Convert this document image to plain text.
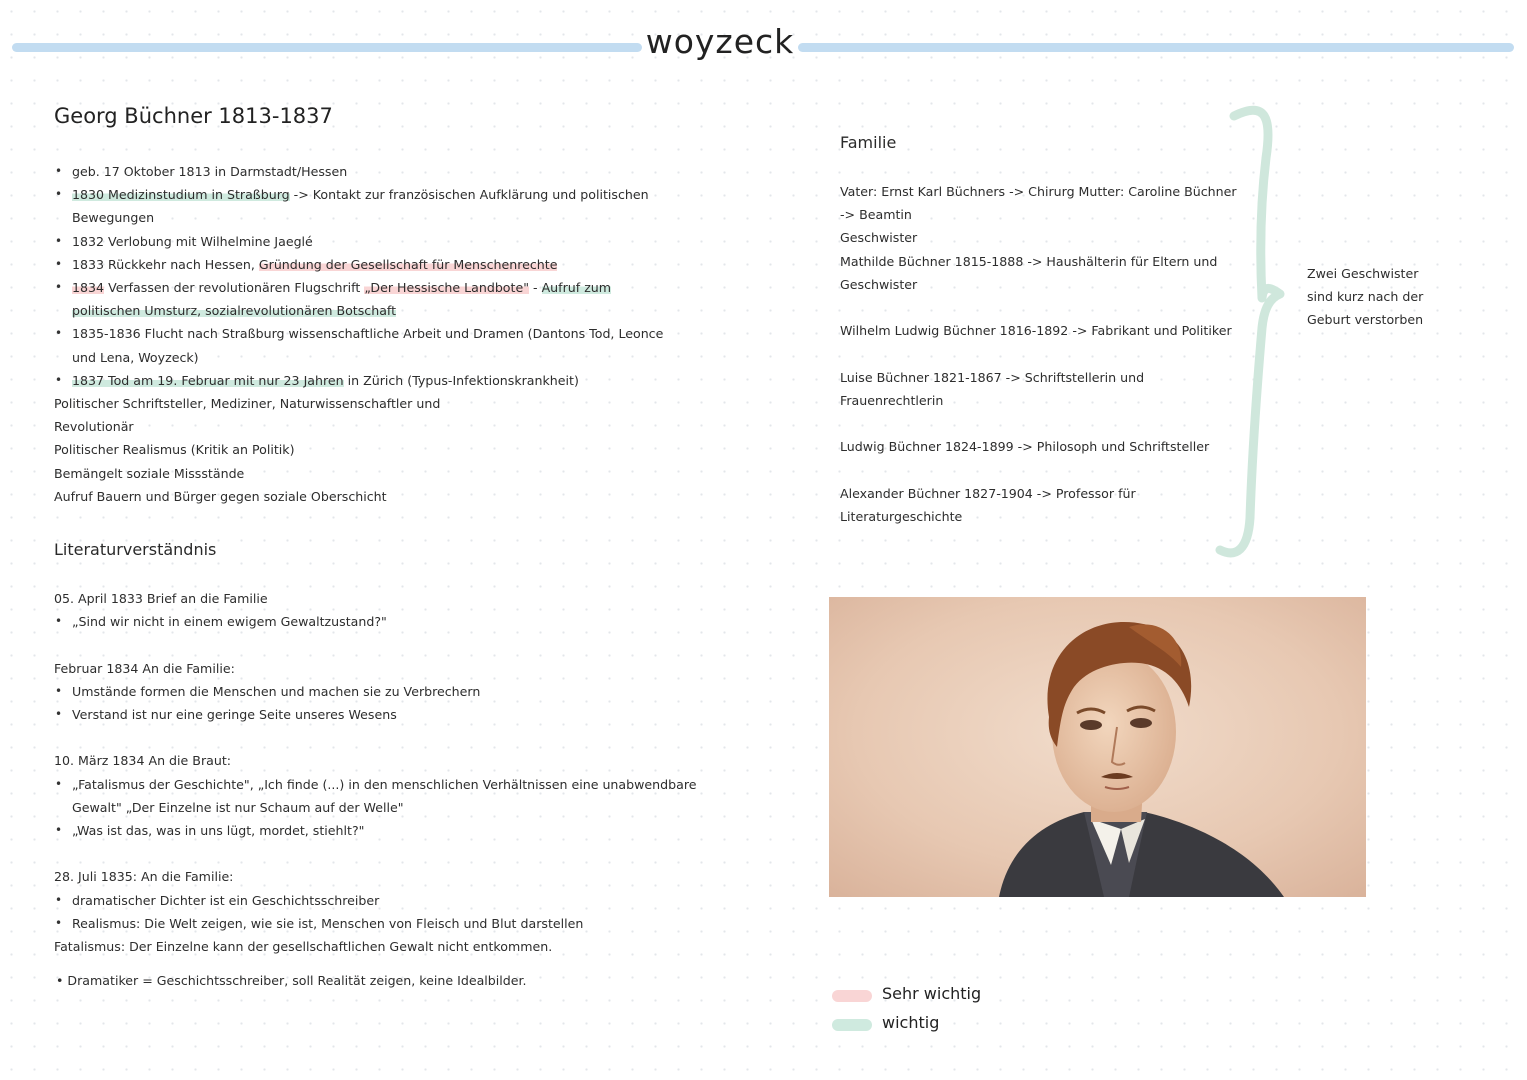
woyzeck
Georg Büchner 1813-1837
• geb. 17 Oktober 1813 in Darmstadt/Hessen
• 1830 Medizinstudium in Straßburg -> Kontakt zur französischen Aufklärung und politischen
Bewegungen
• 1832 Verlobung mit Wilhelmine Jaeglé
• 1833 Rückkehr nach Hessen, Gründung der Gesellschaft für Menschenrechte
• 1834 Verfassen der revolutionären Flugschrift „Der Hessische Landbote" - Aufruf zum
politischen Umsturz, sozialrevolutionären Botschaft
• 1835-1836 Flucht nach Straßburg wissenschaftliche Arbeit und Dramen (Dantons Tod, Leonce
und Lena, Woyzeck)
• 1837 Tod am 19. Februar mit nur 23 Jahren in Zürich (Typus-Infektionskrankheit)
Politischer Schriftsteller, Mediziner, Naturwissenschaftler und
Revolutionär
Politischer Realismus (Kritik an Politik)
Bemängelt soziale Missstände
Aufruf Bauern und Bürger gegen soziale Oberschicht
Literaturverständnis
05. April 1833 Brief an die Familie
• „Sind wir nicht in einem ewigem Gewaltzustand?"
Februar 1834 An die Familie:
• Umstände formen die Menschen und machen sie zu Verbrechern
• Verstand ist nur eine geringe Seite unseres Wesens
10. März 1834 An die Braut:
• „Fatalismus der Geschichte", „Ich finde (...) in den menschlichen Verhältnissen eine unabwendbare
Gewalt" „Der Einzelne ist nur Schaum auf der Welle"
• „Was ist das, was in uns lügt, mordet, stiehlt?"
28. Juli 1835: An die Familie:
• dramatischer Dichter ist ein Geschichtsschreiber
• Realismus: Die Welt zeigen, wie sie ist, Menschen von Fleisch und Blut darstellen
Fatalismus: Der Einzelne kann der gesellschaftlichen Gewalt nicht entkommen.
• Dramatiker = Geschichtsschreiber, soll Realität zeigen, keine Idealbilder.
Familie
Vater: Ernst Karl Büchners -> Chirurg Mutter: Caroline Büchner
-> Beamtin
Geschwister
Mathilde Büchner 1815-1888 -> Haushälterin für Eltern und
Geschwister
Wilhelm Ludwig Büchner 1816-1892 -> Fabrikant und Politiker
Luise Büchner 1821-1867 -> Schriftstellerin und
Frauenrechtlerin
Ludwig Büchner 1824-1899 -> Philosoph und Schriftsteller
Alexander Büchner 1827-1904 -> Professor für
Literaturgeschichte
Zwei Geschwister
sind kurz nach der
Geburt verstorben
Sehr wichtig
wichtig
